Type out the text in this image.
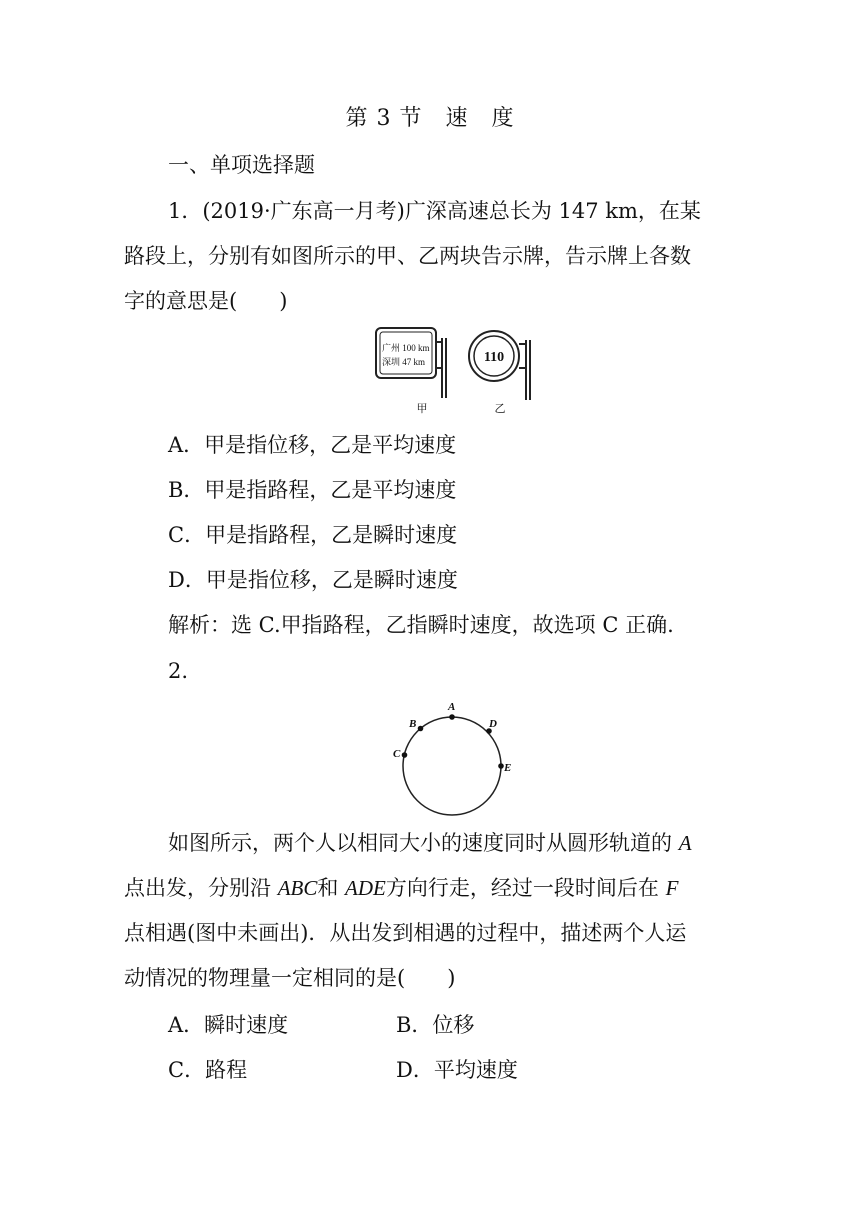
第 3 节　速　度
一、单项选择题
1．(2019·广东高一月考)广深高速总长为 147 km，在某
路段上，分别有如图所示的甲、乙两块告示牌，告示牌上各数
字的意思是(　　)
广州 100 km
深圳 47 km	110
甲	乙
A．甲是指位移，乙是平均速度
B．甲是指路程，乙是平均速度
C．甲是指路程，乙是瞬时速度
D．甲是指位移，乙是瞬时速度
解析：选 C.甲指路程，乙指瞬时速度，故选项 C 正确.
2.
A
B
C
D
E
如图所示，两个人以相同大小的速度同时从圆形轨道的 A
点出发，分别沿 ABC和 ADE方向行走，经过一段时间后在 F
点相遇(图中未画出)．从出发到相遇的过程中，描述两个人运
动情况的物理量一定相同的是(　　)
A．瞬时速度	B．位移
C．路程	D．平均速度
